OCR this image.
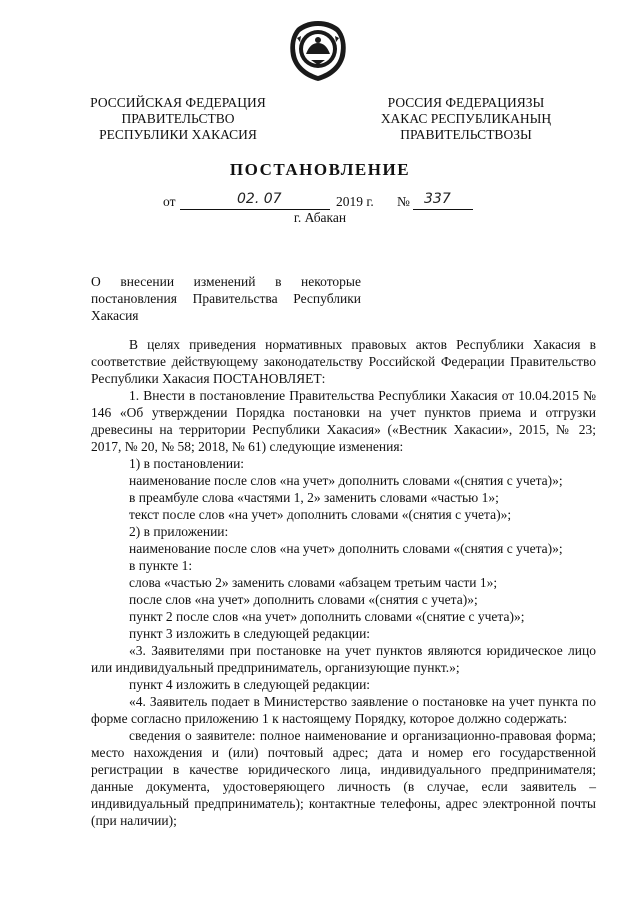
РОССИЙСКАЯ ФЕДЕРАЦИЯ
ПРАВИТЕЛЬСТВО
РЕСПУБЛИКИ ХАКАСИЯ
РОССИЯ ФЕДЕРАЦИЯЗЫ
ХАКАС РЕСПУБЛИКАНЫҢ
ПРАВИТЕЛЬСТВОЗЫ
ПОСТАНОВЛЕНИЕ
от	02. 07	2019 г. № 337
г. Абакан
О внесении изменений в некоторые
постановления Правительства Республики
Хакасия

В целях приведения нормативных правовых актов Республики Хакасия в соответствие действующему законодательству Российской Федерации Правительство Республики Хакасия ПОСТАНОВЛЯЕТ:

1. Внести в постановление Правительства Республики Хакасия от 10.04.2015 № 146 «Об утверждении Порядка постановки на учет пунктов приема и отгрузки древесины на территории Республики Хакасия» («Вестник Хакасии», 2015, № 23; 2017, № 20, № 58; 2018, № 61) следующие изменения:

1) в постановлении:

наименование после слов «на учет» дополнить словами «(снятия с учета)»;

в преамбуле слова «частями 1, 2» заменить словами «частью 1»;

текст после слов «на учет» дополнить словами «(снятия с учета)»;

2) в приложении:

наименование после слов «на учет» дополнить словами «(снятия с учета)»;

в пункте 1:

слова «частью 2» заменить словами «абзацем третьим части 1»;

после слов «на учет» дополнить словами «(снятия с учета)»;

пункт 2 после слов «на учет» дополнить словами «(снятие с учета)»;

пункт 3 изложить в следующей редакции:

«3. Заявителями при постановке на учет пунктов являются юридическое лицо или индивидуальный предприниматель, организующие пункт.»;

пункт 4 изложить в следующей редакции:

«4. Заявитель подает в Министерство заявление о постановке на учет пункта по форме согласно приложению 1 к настоящему Порядку, которое должно содержать:

сведения о заявителе: полное наименование и организационно-правовая форма; место нахождения и (или) почтовый адрес; дата и номер его государственной регистрации в качестве юридического лица, индивидуального предпринимателя; данные документа, удостоверяющего личность (в случае, если заявитель – индивидуальный предприниматель); контактные телефоны, адрес электронной почты (при наличии);
